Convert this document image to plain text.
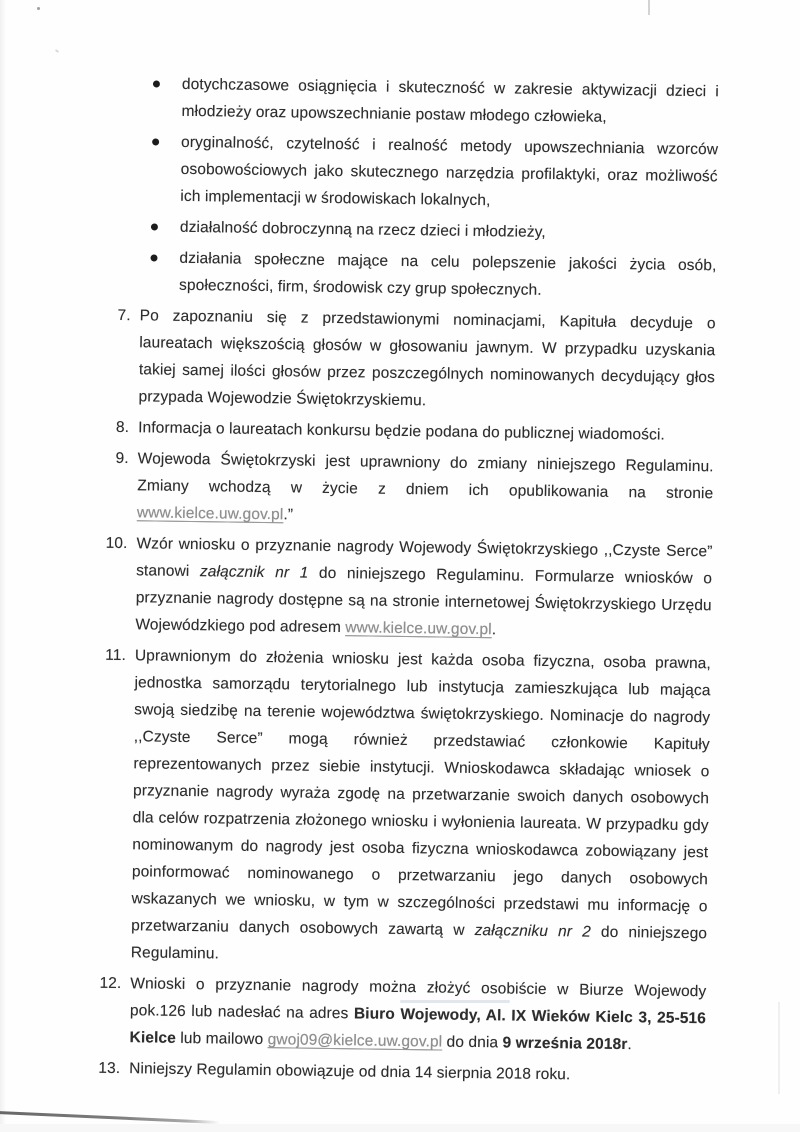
dotychczasowe osiągnięcia i skuteczność w zakresie aktywizacji dzieci i młodzieży oraz upowszechnianie postaw młodego człowieka,
oryginalność, czytelność i realność metody upowszechniania wzorców osobowościowych jako skutecznego narzędzia profilaktyki, oraz możliwość ich implementacji w środowiskach lokalnych,
działalność dobroczynną na rzecz dzieci i młodzieży,
działania społeczne mające na celu polepszenie jakości życia osób, społeczności, firm, środowisk czy grup społecznych.
7. Po zapoznaniu się z przedstawionymi nominacjami, Kapituła decyduje o laureatach większością głosów w głosowaniu jawnym. W przypadku uzyskania takiej samej ilości głosów przez poszczególnych nominowanych decydujący głos przypada Wojewodzie Świętokrzyskiemu.
8. Informacja o laureatach konkursu będzie podana do publicznej wiadomości.
9. Wojewoda Świętokrzyski jest uprawniony do zmiany niniejszego Regulaminu. Zmiany wchodzą w życie z dniem ich opublikowania na stronie www.kielce.uw.gov.pl.”
10. Wzór wniosku o przyznanie nagrody Wojewody Świętokrzyskiego ,,Czyste Serce” stanowi załącznik nr 1 do niniejszego Regulaminu. Formularze wniosków o przyznanie nagrody dostępne są na stronie internetowej Świętokrzyskiego Urzędu Wojewódzkiego pod adresem www.kielce.uw.gov.pl.
11. Uprawnionym do złożenia wniosku jest każda osoba fizyczna, osoba prawna, jednostka samorządu terytorialnego lub instytucja zamieszkująca lub mająca swoją siedzibę na terenie województwa świętokrzyskiego. Nominacje do nagrody ,,Czyste Serce” mogą również przedstawiać członkowie Kapituły reprezentowanych przez siebie instytucji. Wnioskodawca składając wniosek o przyznanie nagrody wyraża zgodę na przetwarzanie swoich danych osobowych dla celów rozpatrzenia złożonego wniosku i wyłonienia laureata. W przypadku gdy nominowanym do nagrody jest osoba fizyczna wnioskodawca zobowiązany jest poinformować nominowanego o przetwarzaniu jego danych osobowych wskazanych we wniosku, w tym w szczególności przedstawi mu informację o przetwarzaniu danych osobowych zawartą w załączniku nr 2 do niniejszego Regulaminu.
12. Wnioski o przyznanie nagrody można złożyć osobiście w Biurze Wojewody pok.126 lub nadesłać na adres Biuro Wojewody, Al. IX Wieków Kielc 3, 25-516 Kielce lub mailowo gwoj09@kielce.uw.gov.pl do dnia 9 września 2018r.
13. Niniejszy Regulamin obowiązuje od dnia 14 sierpnia 2018 roku.
